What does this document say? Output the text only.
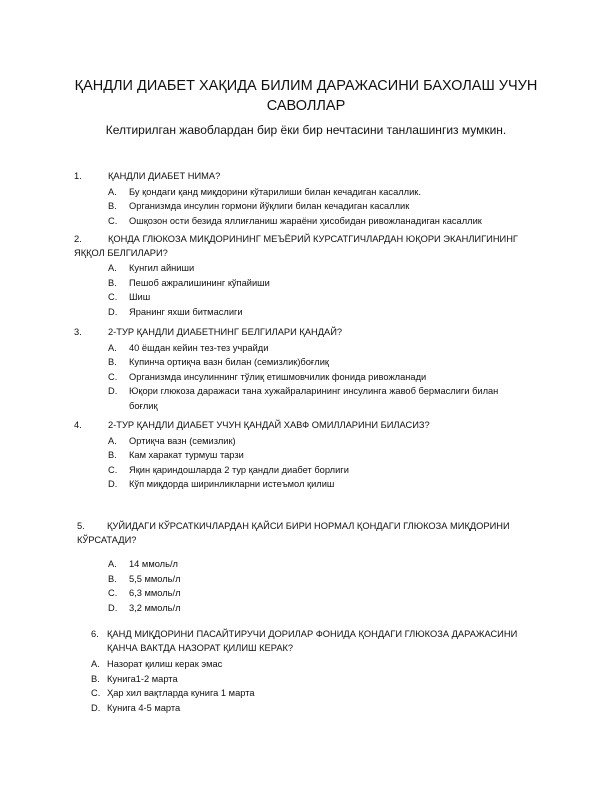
ҚАНДЛИ ДИАБЕТ ХАҚИДА БИЛИМ ДАРАЖАСИНИ БАХОЛАШ УЧУН САВОЛЛАР

Келтирилган жавоблардан бир ёки бир нечтасини танлашингиз мумкин.

1.	ҚАНДЛИ ДИАБЕТ НИМА?
A. Бу қондаги қанд миқдорини кўтарилиши билан кечадиган касаллик.
B. Организмда инсулин гормони йўқлиги билан кечадиган касаллик
C. Ошқозон ости безида яллиғланиш жараёни ҳисобидан ривожланадиган касаллик
2.	ҚОНДА ГЛЮКОЗА МИҚДОРИНИНГ МЕЪЁРИЙ КУРСАТГИЧЛАРДАН ЮҚОРИ ЭКАНЛИГИНИНГ ЯҚҚОЛ БЕЛГИЛАРИ?
A. Кунгил айниши
B. Пешоб ажралишининг кўпайиши
C. Шиш
D. Яранинг яхши битмаслиги
3.	2-ТУР ҚАНДЛИ ДИАБЕТНИНГ БЕЛГИЛАРИ ҚАНДАЙ?
A. 40 ёшдан кейин тез-тез учрайди
B. Купинча ортиқча вазн билан (семизлик)боғлиқ
C. Организмда инсулиннинг тўлиқ етишмовчилик фонида ривожланади
D. Юқори глюкоза даражаси тана хужайраларининг инсулинга жавоб бермаслиги билан боғлиқ
4.	2-ТУР ҚАНДЛИ ДИАБЕТ УЧУН ҚАНДАЙ ХАВФ ОМИЛЛАРИНИ БИЛАСИЗ?
A. Ортиқча вазн (семизлик)
B. Кам харакат турмуш тарзи
C. Яқин қариндошларда 2 тур қандли диабет борлиги
D. Кўп миқдорда ширинликларни истеъмол қилиш
5. ҚУЙИДАГИ КЎРСАТКИЧЛАРДАН ҚАЙСИ БИРИ НОРМАЛ ҚОНДАГИ ГЛЮКОЗА МИҚДОРИНИ КЎРСАТАДИ?
A. 14 ммоль/л
B. 5,5 ммоль/л
C. 6,3 ммоль/л
D. 3,2 ммоль/л
6. ҚАНД МИҚДОРИНИ ПАСАЙТИРУЧИ ДОРИЛАР ФОНИДА ҚОНДАГИ ГЛЮКОЗА ДАРАЖАСИНИ ҚАНЧА ВАКТДА НАЗОРАТ ҚИЛИШ КЕРАК?
A. Назорат қилиш керак эмас
B. Кунига1-2 марта
C. Ҳар хил вақтларда кунига 1 марта
D. Кунига 4-5 марта
